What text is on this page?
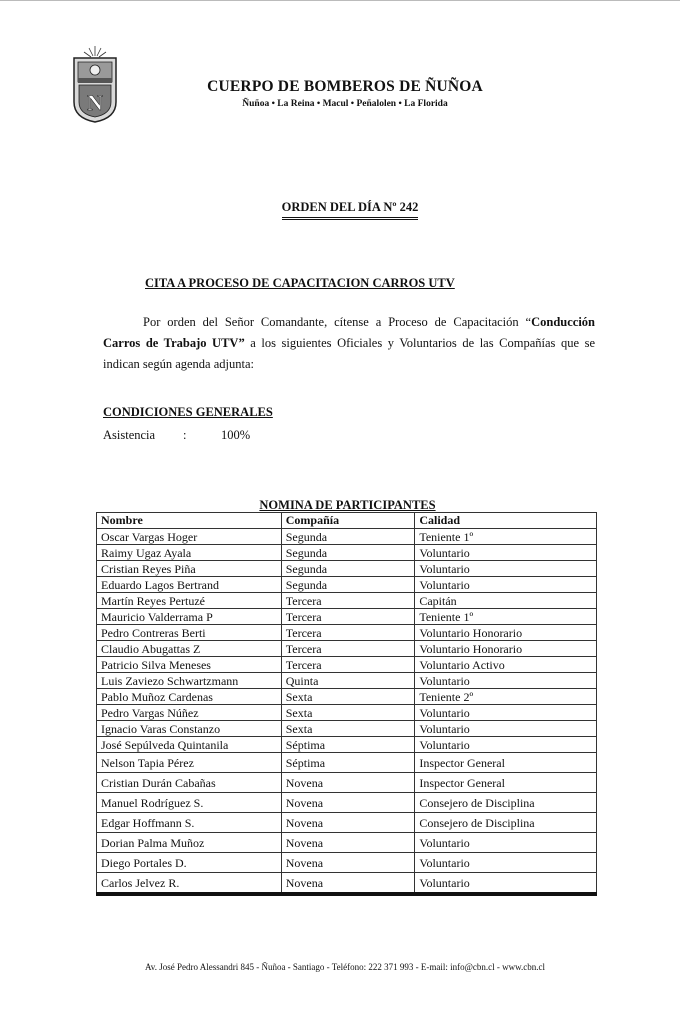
N
CUERPO DE BOMBEROS DE ÑUÑOA
Ñuñoa • La Reina • Macul • Peñalolen • La Florida
ORDEN DEL DÍA Nº 242
CITA A PROCESO DE CAPACITACION CARROS UTV
Por orden del Señor Comandante, cítense a Proceso de Capacitación “Conducción Carros de Trabajo UTV” a los siguientes Oficiales y Voluntarios de las Compañías que se indican según agenda adjunta:
CONDICIONES GENERALES
Asistencia :	100%
NOMINA DE PARTICIPANTES
Nombre	Compañía	Calidad
Oscar Vargas Hoger	Segunda	Teniente 1º
Raimy Ugaz Ayala	Segunda	Voluntario
Cristian Reyes Piña	Segunda	Voluntario
Eduardo Lagos Bertrand	Segunda	Voluntario
Martín Reyes Pertuzé	Tercera	Capitán
Mauricio Valderrama P	Tercera	Teniente 1º
Pedro Contreras Berti	Tercera	Voluntario Honorario
Claudio Abugattas Z	Tercera	Voluntario Honorario
Patricio Silva Meneses	Tercera	Voluntario Activo
Luis Zaviezo Schwartzmann	Quinta	Voluntario
Pablo Muñoz Cardenas	Sexta	Teniente 2º
Pedro Vargas Núñez	Sexta	Voluntario
Ignacio Varas Constanzo	Sexta	Voluntario
José Sepúlveda Quintanila	Séptima	Voluntario
Nelson Tapia Pérez	Séptima	Inspector General
Cristian Durán Cabañas	Novena	Inspector General
Manuel Rodríguez S.	Novena	Consejero de Disciplina
Edgar Hoffmann S.	Novena	Consejero de Disciplina
Dorian Palma Muñoz	Novena	Voluntario
Diego Portales D.	Novena	Voluntario
Carlos Jelvez R.	Novena	Voluntario
Av. José Pedro Alessandri 845 - Ñuñoa - Santiago - Teléfono: 222 371 993 - E-mail: info@cbn.cl - www.cbn.cl
